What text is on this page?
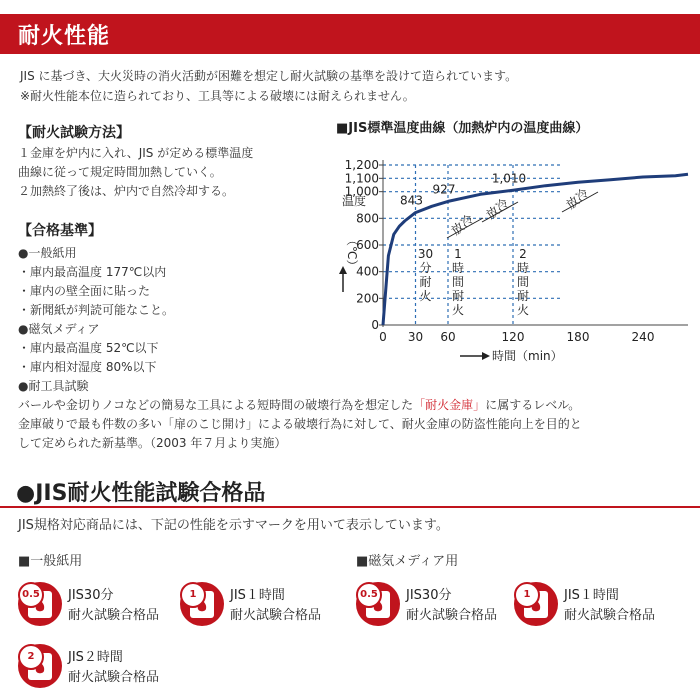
耐火性能
JIS に基づき、大火災時の消火活動が困難を想定し耐火試験の基準を設けて造られています。
※耐火性能本位に造られており、工具等による破壊には耐えられません。
【耐火試験方法】
１金庫を炉内に入れ、JIS が定める標準温度
曲線に従って規定時間加熱していく。
２加熱終了後は、炉内で自然冷却する。
【合格基準】
●一般紙用
・庫内最高温度 177℃以内
・庫内の壁全面に貼った
・新聞紙が判読可能なこと。
●磁気メディア
・庫内最高温度 52℃以下
・庫内相対湿度 80%以下
●耐工具試験
バールや金切りノコなどの簡易な工具による短時間の破壊行為を想定した「耐火金庫」に属するレベル。
金庫破りで最も件数の多い「扉のこじ開け」による破壊行為に対して、耐火金庫の防盗性能向上を目的と
して定められた新基準。（2003 年７月より実施）
■JIS標準温度曲線（加熱炉内の温度曲線）
0
200
400
600
800
1,000
1,100
1,200
0 30 60	120	180	240
843
927
1,010
放冷
放冷	放冷
30
分
耐
火
1
時
間
耐
火
2
時
間
耐
火
温度
（℃）
時間（min）
●JIS耐火性能試験合格品
JIS規格対応商品には、下記の性能を示すマークを用いて表示しています。
■一般紙用	■磁気メディア用
0.5	JIS30分
耐火試験合格品
1	JIS１時間
耐火試験合格品
2	JIS２時間
耐火試験合格品
0.5	JIS30分
耐火試験合格品
1	JIS１時間
耐火試験合格品
